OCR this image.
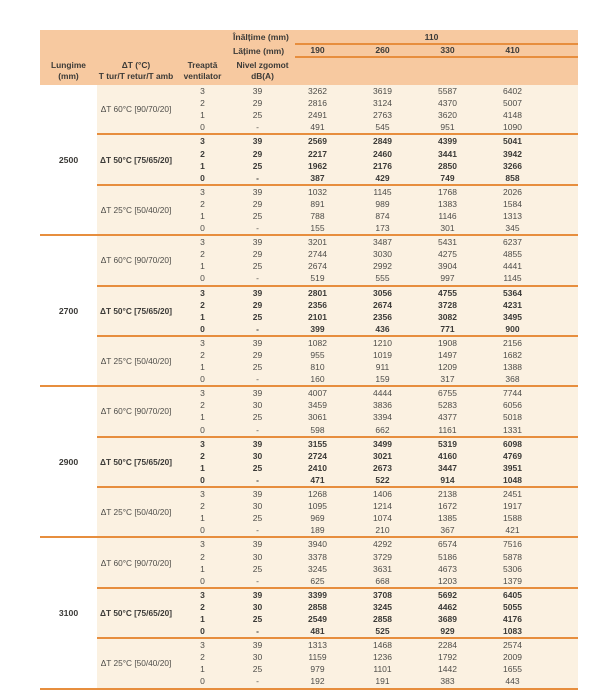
Înălțime (mm)	110
Lățime (mm)	190	260	330	410
Lungime
(mm)
ΔT (°C)
T tur/T retur/T amb
Treaptă
ventilator
Nivel zgomot
dB(A)
2500
ΔT 60°C [90/70/20]
3	39	3262	3619	5587	6402
2	29	2816	3124	4370	5007
1	25	2491	2763	3620	4148
0	-	491	545	951	1090
ΔT 50°C [75/65/20]
3	39	2569	2849	4399	5041
2	29	2217	2460	3441	3942
1	25	1962	2176	2850	3266
0	-	387	429	749	858
ΔT 25°C [50/40/20]
3	39	1032	1145	1768	2026
2	29	891	989	1383	1584
1	25	788	874	1146	1313
0	-	155	173	301	345
2700
ΔT 60°C [90/70/20]
3	39	3201	3487	5431	6237
2	29	2744	3030	4275	4855
1	25	2674	2992	3904	4441
0	-	519	555	997	1145
ΔT 50°C [75/65/20]
3	39	2801	3056	4755	5364
2	29	2356	2674	3728	4231
1	25	2101	2356	3082	3495
0	-	399	436	771	900
ΔT 25°C [50/40/20]
3	39	1082	1210	1908	2156
2	29	955	1019	1497	1682
1	25	810	911	1209	1388
0	-	160	159	317	368
2900
ΔT 60°C [90/70/20]
3	39	4007	4444	6755	7744
2	30	3459	3836	5283	6056
1	25	3061	3394	4377	5018
0	-	598	662	1161	1331
ΔT 50°C [75/65/20]
3	39	3155	3499	5319	6098
2	30	2724	3021	4160	4769
1	25	2410	2673	3447	3951
0	-	471	522	914	1048
ΔT 25°C [50/40/20]
3	39	1268	1406	2138	2451
2	30	1095	1214	1672	1917
1	25	969	1074	1385	1588
0	-	189	210	367	421
3100
ΔT 60°C [90/70/20]
3	39	3940	4292	6574	7516
2	30	3378	3729	5186	5878
1	25	3245	3631	4673	5306
0	-	625	668	1203	1379
ΔT 50°C [75/65/20]
3	39	3399	3708	5692	6405
2	30	2858	3245	4462	5055
1	25	2549	2858	3689	4176
0	-	481	525	929	1083
ΔT 25°C [50/40/20]
3	39	1313	1468	2284	2574
2	30	1159	1236	1792	2009
1	25	979	1101	1442	1655
0	-	192	191	383	443
